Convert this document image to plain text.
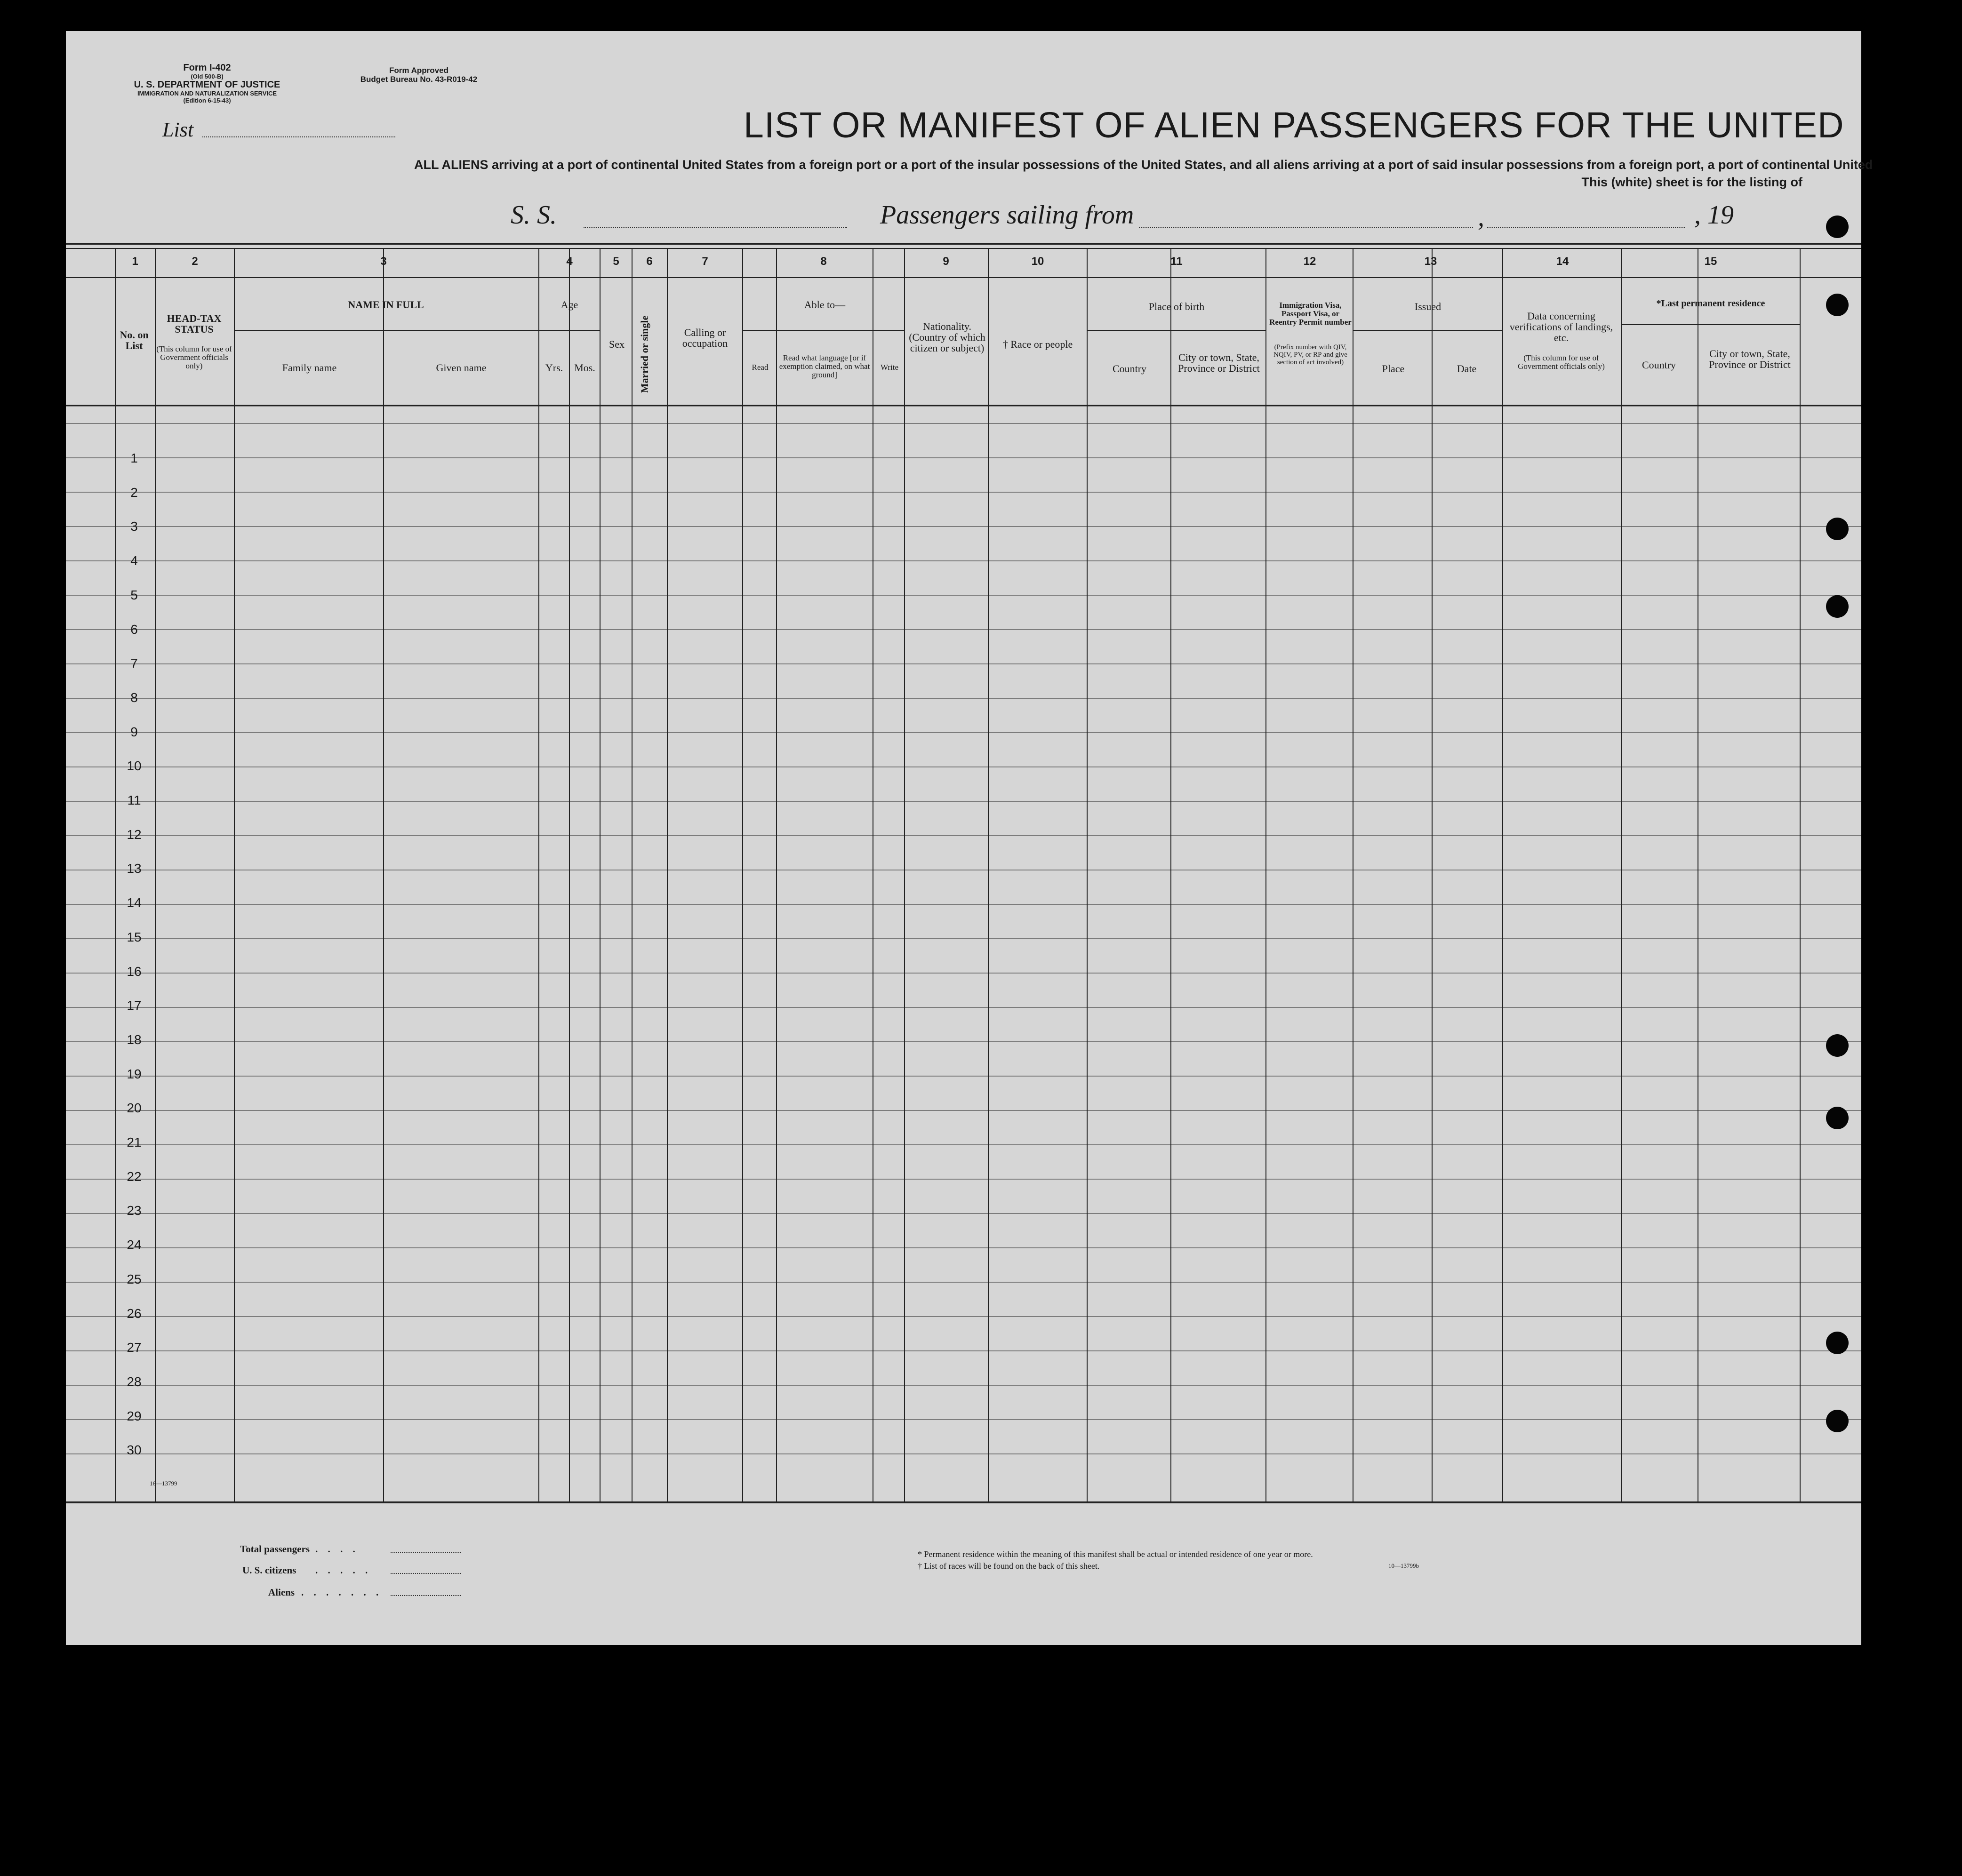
Form I-402
(Old 500-B)
U. S. DEPARTMENT OF JUSTICE
IMMIGRATION AND NATURALIZATION SERVICE
(Edition 6-15-43)
Form Approved
Budget Bureau No. 43-R019-42
List	LIST OR MANIFEST OF ALIEN PASSENGERS FOR THE UNITED
ALL ALIENS arriving at a port of continental United States from a foreign port or a port of the insular possessions of the United States, and all aliens arriving at a port of said insular possessions from a foreign port, a port of continental United
This (white) sheet is for the listing of
S. S.	Passengers sailing from	,	, 19
1	2	3	4	5	6	7	8	9	10	11	12	13	14	15
No. on List
HEAD-TAX STATUS
(This column for use of Government officials only)
NAME IN FULL
Family name	Given name
Age
Yrs.	Mos.
Sex	Married or single	Calling or occupation
Able to—
Read
Read what language [or if exemption claimed, on what ground]
Write
Nationality. (Country of which citizen or subject)	† Race or people
Place of birth
Country
City or town, State, Province or District
Immigration Visa, Passport Visa, or Reentry Permit number
(Prefix number with QIV, NQIV, PV, or RP and give section of act involved)
Issued
Place	Date
Data concerning verifications of landings, etc.
(This column for use of Government officials only)
*Last permanent residence
Country
City or town, State, Province or District
1
2
3
4
5
6
7
8
9
10
11
12
13
14
15
16
17
18
19
20
21
22
23
24
25
26
27
28
29
30
16—13799
Total passengers . . . .
U. S. citizens . . . . .
Aliens . . . . . . .
* Permanent residence within the meaning of this manifest shall be actual or intended residence of one year or more.
† List of races will be found on the back of this sheet.	10—13799b
